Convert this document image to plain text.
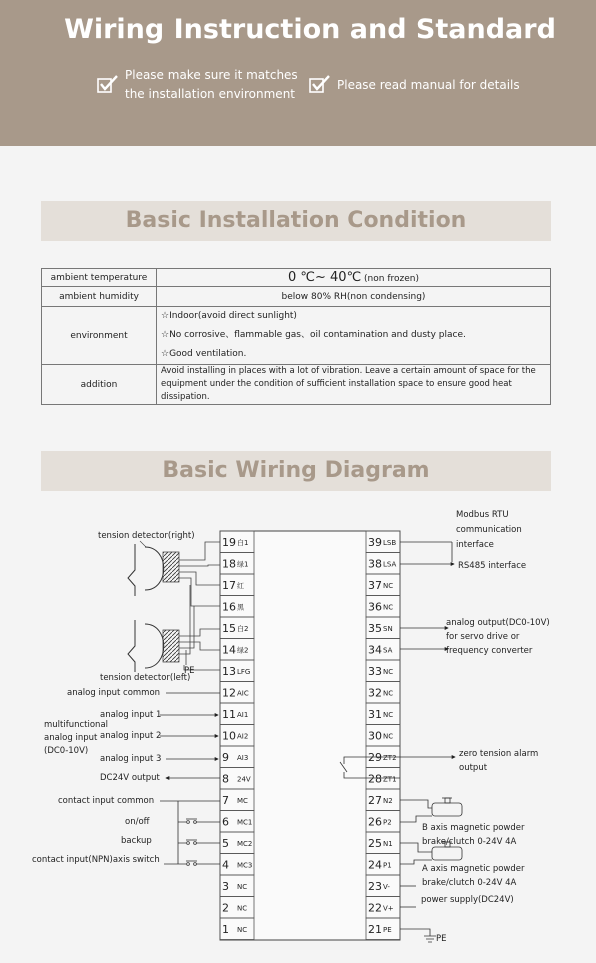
Wiring Instruction and Standard
Please make sure it matches
the installation environment
Please read manual for details
Basic Installation Condition
ambient temperature	0 ℃~ 40℃ (non frozen)
ambient humidity	below 80% RH(non condensing)
environment	☆Indoor(avoid direct sunlight)
☆No corrosive、flammable gas、oil contamination and dusty place.
☆Good ventilation.

addition	Avoid installing in places with a lot of vibration. Leave a certain amount of space for the equipment under the condition of sufficient installation space to ensure good heat dissipation.
Basic Wiring Diagram
19 白1
18 绿1
17 红
16 黑
15 白2
14 绿2
13 LFG
12 AIC
11 AI1
10 AI2
9 AI3
8 24V
7 MC
6 MC1
5 MC2
4 MC3
3 NC
2 NC
1 NC
39 LSB
38 LSA
37 NC
36 NC
35 SN
34 SA
33 NC
32 NC
31 NC
30 NC
29 ZT2
28 ZT1
27 N2
26 P2
25 N1
24 P1
23 V-
22 V+
21 PE
PE
tension detector(right)
tension detector(left)
analog input common
analog input 1
analog input 2
analog input 3
multifunctional
analog input
(DC0-10V)
DC24V output
contact input common
on/off
backup
contact input(NPN)axis switch
Modbus RTU
communication
interface
RS485 interface
analog output(DC0-10V)
for servo drive or
frequency converter
zero tension alarm
output
B axis magnetic powder
brake/clutch 0-24V 4A
A axis magnetic powder
brake/clutch 0-24V 4A
power supply(DC24V)
PE
